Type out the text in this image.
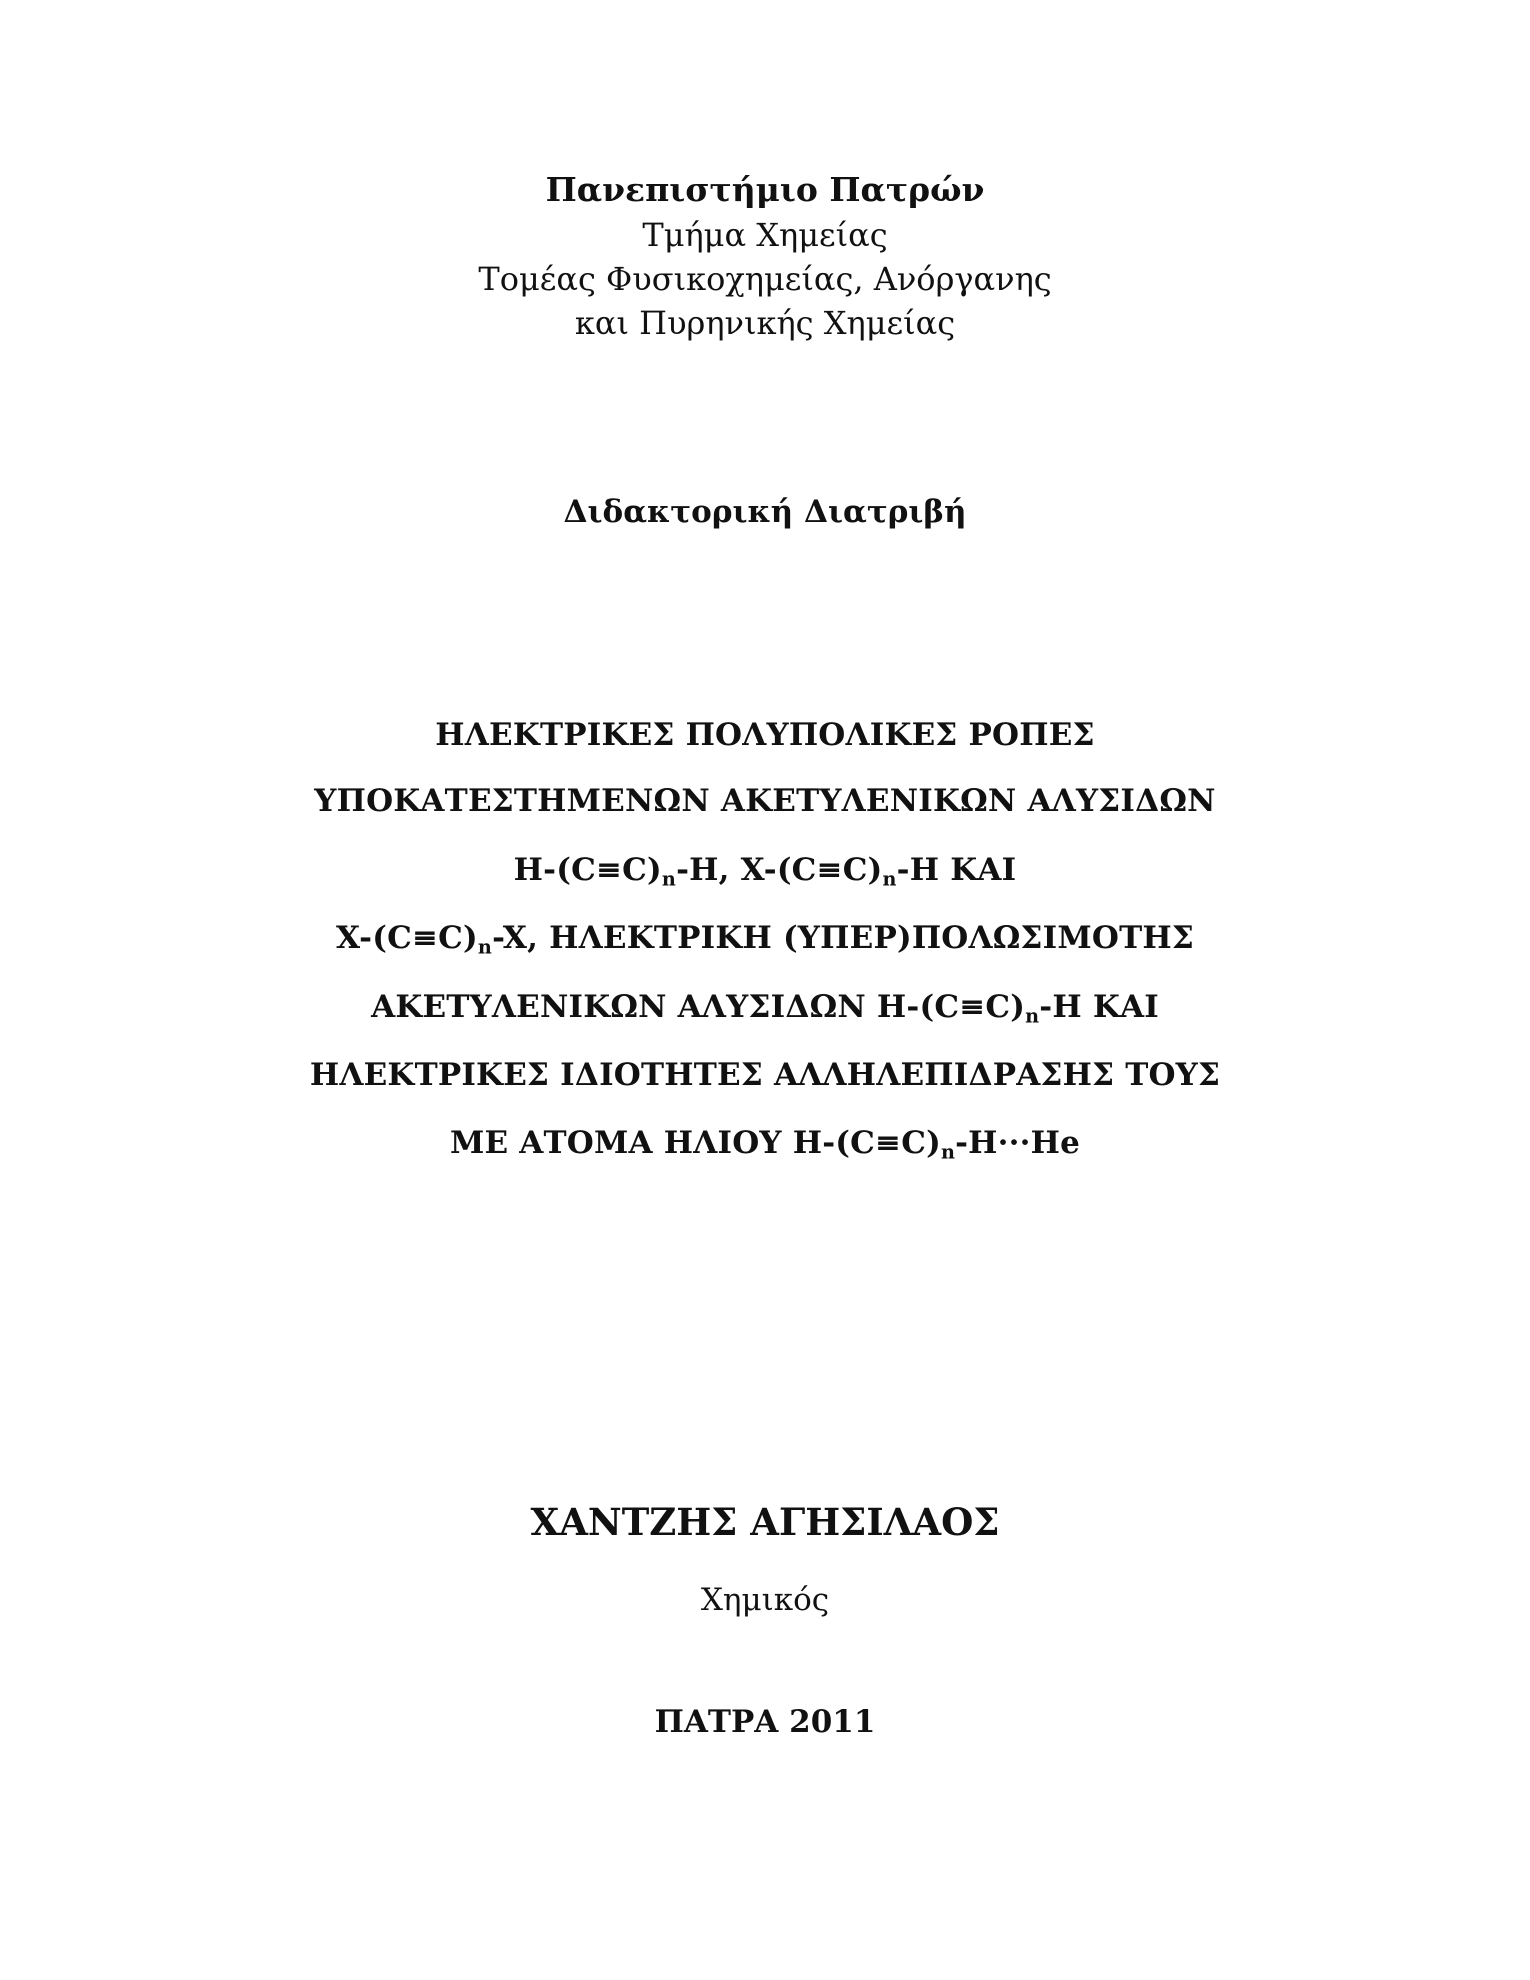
Πανεπιστήμιο Πατρών
Τμήμα Χημείας
Τομέας Φυσικοχημείας, Ανόργανης
και Πυρηνικής Χημείας
Διδακτορική Διατριβή
ΗΛΕΚΤΡΙΚΕΣ ΠΟΛΥΠΟΛΙΚΕΣ ΡΟΠΕΣ
ΥΠΟΚΑΤΕΣΤΗΜΕΝΩΝ ΑΚΕΤΥΛΕΝΙΚΩΝ ΑΛΥΣΙΔΩΝ
$H-(C\equiv C)_n-H$, $X-(C\equiv C)_n-H$ ΚΑΙ
$X-(C\equiv C)_n-X$, ΗΛΕΚΤΡΙΚΗ (ΥΠΕΡ)ΠΟΛΩΣΙΜΟΤΗΣ
ΑΚΕΤΥΛΕΝΙΚΩΝ ΑΛΥΣΙΔΩΝ $H-(C\equiv C)_n-H$ ΚΑΙ
ΗΛΕΚΤΡΙΚΕΣ ΙΔΙΟΤΗΤΕΣ ΑΛΛΗΛΕΠΙΔΡΑΣΗΣ ΤΟΥΣ
ΜΕ ΑΤΟΜΑ ΗΛΙΟΥ $H-(C\equiv C)_n-H\cdot\cdot\cdot He$
ΧΑΝΤΖΗΣ ΑΓΗΣΙΛΑΟΣ
Χημικός
ΠΑΤΡΑ 2011
